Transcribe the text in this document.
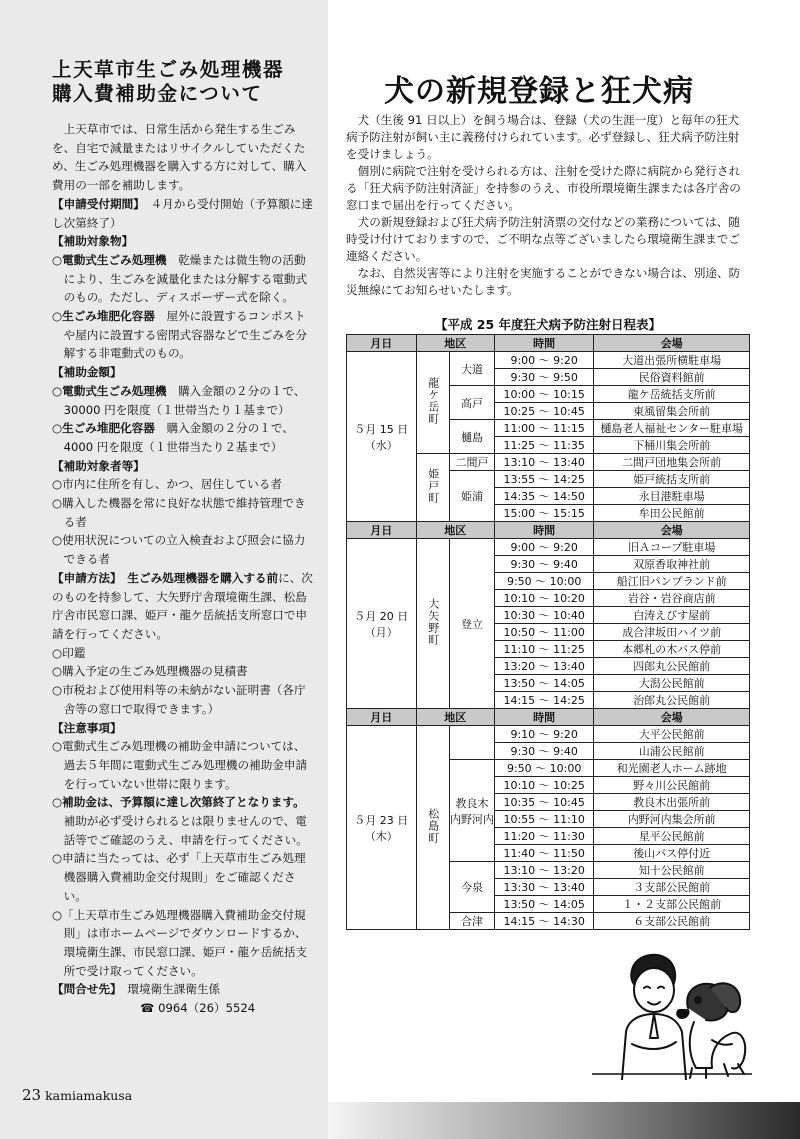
上天草市生ごみ処理機器
購入費補助金について

上天草市では、日常生活から発生する生ごみを、自宅で減量またはリサイクルしていただくため、生ごみ処理機器を購入する方に対して、購入費用の一部を補助します。

【申請受付期間】　 ４月から受付開始（予算額に達し次第終了）

【補助対象物】

○電動式生ごみ処理機　 乾燥または微生物の活動により、生ごみを減量化または分解する電動式のもの。ただし、ディスポーザー式を除く。

○生ごみ堆肥化容器　 屋外に設置するコンポストや屋内に設置する密閉式容器などで生ごみを分解する非電動式のもの。

【補助金額】

○電動式生ごみ処理機　 購入金額の２分の１で、30000 円を限度（１世帯当たり１基まで）

○生ごみ堆肥化容器　 購入金額の２分の１で、4000 円を限度（１世帯当たり２基まで）

【補助対象者等】

○市内に住所を有し、かつ、居住している者

○購入した機器を常に良好な状態で維持管理できる者

○使用状況についての立入検査および照会に協力できる者

【申請方法】　 生ごみ処理機器を購入する前に、次のものを持参して、大矢野庁舎環境衛生課、松島庁舎市民窓口課、姫戸・龍ケ岳統括支所窓口で申請を行ってください。

○印鑑

○購入予定の生ごみ処理機器の見積書

○市税および使用料等の未納がない証明書（各庁舎等の窓口で取得できます。）

【注意事項】

○電動式生ごみ処理機の補助金申請については、過去５年間に電動式生ごみ処理機の補助金申請を行っていない世帯に限ります。

○補助金は、予算額に達し次第終了となります。補助が必ず受けられるとは限りませんので、電話等でご確認のうえ、申請を行ってください。

○申請に当たっては、必ず「上天草市生ごみ処理機器購入費補助金交付規則」をご確認ください。

○「上天草市生ごみ処理機器購入費補助金交付規則」は市ホームページでダウンロードするか、環境衛生課、市民窓口課、姫戸・龍ケ岳統括支所で受け取ってください。

【問合せ先】　 環境衛生課衛生係

☎ 0964（26）5524

23 kamiamakusa
犬の新規登録と狂犬病

犬（生後 91 日以上）を飼う場合は、登録（犬の生涯一度）と毎年の狂犬病予防注射が飼い主に義務付けられています。必ず登録し、狂犬病予防注射を受けましょう。

個別に病院で注射を受けられる方は、注射を受けた際に病院から発行される「狂犬病予防注射済証」を持参のうえ、市役所環境衛生課または各庁舎の窓口まで届出を行ってください。

犬の新規登録および狂犬病予防注射済票の交付などの業務については、随時受け付けておりますので、ご不明な点等ございましたら環境衛生課までご連絡ください。

なお、自然災害等により注射を実施することができない場合は、別途、防災無線にてお知らせいたします。

【平成 25 年度狂犬病予防注射日程表】
月日	地区		時間	会場

５月 15 日
（水）	龍ケ岳町	大道	9:00 ～ 9:20	大道出張所横駐車場
			9:30 ～ 9:50	民俗資料館前

		高戸	10:00 ～ 10:15	龍ケ岳統括支所前
			10:25 ～ 10:45	東風留集会所前

		樋島	11:00 ～ 11:15	樋島老人福祉センター駐車場
			11:25 ～ 11:35	下桶川集会所前
	姫戸町	二間戸	13:10 ～ 13:40	二間戸団地集会所前

		姫浦	13:55 ～ 14:25	姫戸統括支所前
			14:35 ～ 14:50	永目港駐車場
			15:00 ～ 15:15	牟田公民館前
月日	地区		時間	会場

５月 20 日
（月）	大矢野町	登立	9:00 ～ 9:20	旧Ａコープ駐車場
			9:30 ～ 9:40	双原香取神社前
			9:50 ～ 10:00	船江旧パンプランド前
			10:10 ～ 10:20	岩谷・岩谷商店前
			10:30 ～ 10:40	白涛えびす屋前
			10:50 ～ 11:00	成合津坂田ハイツ前
			11:10 ～ 11:25	本郷札の木バス停前
			13:20 ～ 13:40	四郎丸公民館前
			13:50 ～ 14:05	大潟公民館前
			14:15 ～ 14:25	治郎丸公民館前
月日	地区		時間	会場

５月 23 日
（木）	松島町		9:10 ～ 9:20	大平公民館前
			9:30 ～ 9:40	山浦公民館前

		教良木
内野河内	9:50 ～ 10:00	和光園老人ホーム跡地
			10:10 ～ 10:25	野々川公民館前
			10:35 ～ 10:45	教良木出張所前
			10:55 ～ 11:10	内野河内集会所前
			11:20 ～ 11:30	星平公民館前
			11:40 ～ 11:50	後山バス停付近

		今泉	13:10 ～ 13:20	知十公民館前
			13:30 ～ 13:40	３支部公民館前
			13:50 ～ 14:05	１・２支部公民館前

		合津	14:15 ～ 14:30	６支部公民館前
